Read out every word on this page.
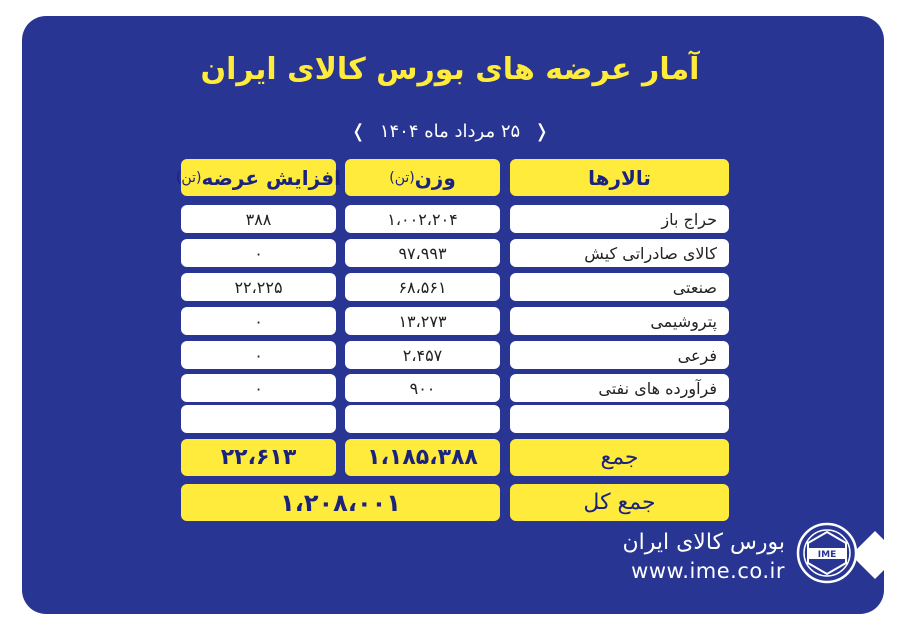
آمار عرضه های بورس کالای ایران
❬ ۲۵ مرداد ماه ۱۴۰۴ ❭
تالارها
وزن
(تن)
افزایش عرضه
(تن)
حراج باز
۱،۰۰۲،۲۰۴
۳۸۸
کالای صادراتی کیش
۹۷،۹۹۳
۰
صنعتی
۶۸،۵۶۱
۲۲،۲۲۵
پتروشیمی
۱۳،۲۷۳
۰
فرعی
۲،۴۵۷
۰
فرآورده های نفتی
۹۰۰
۰
جمع
۱،۱۸۵،۳۸۸
۲۲،۶۱۳
جمع کل
۱،۲۰۸،۰۰۱
بورس کالای ایران
www.ime.co.ir
IME
